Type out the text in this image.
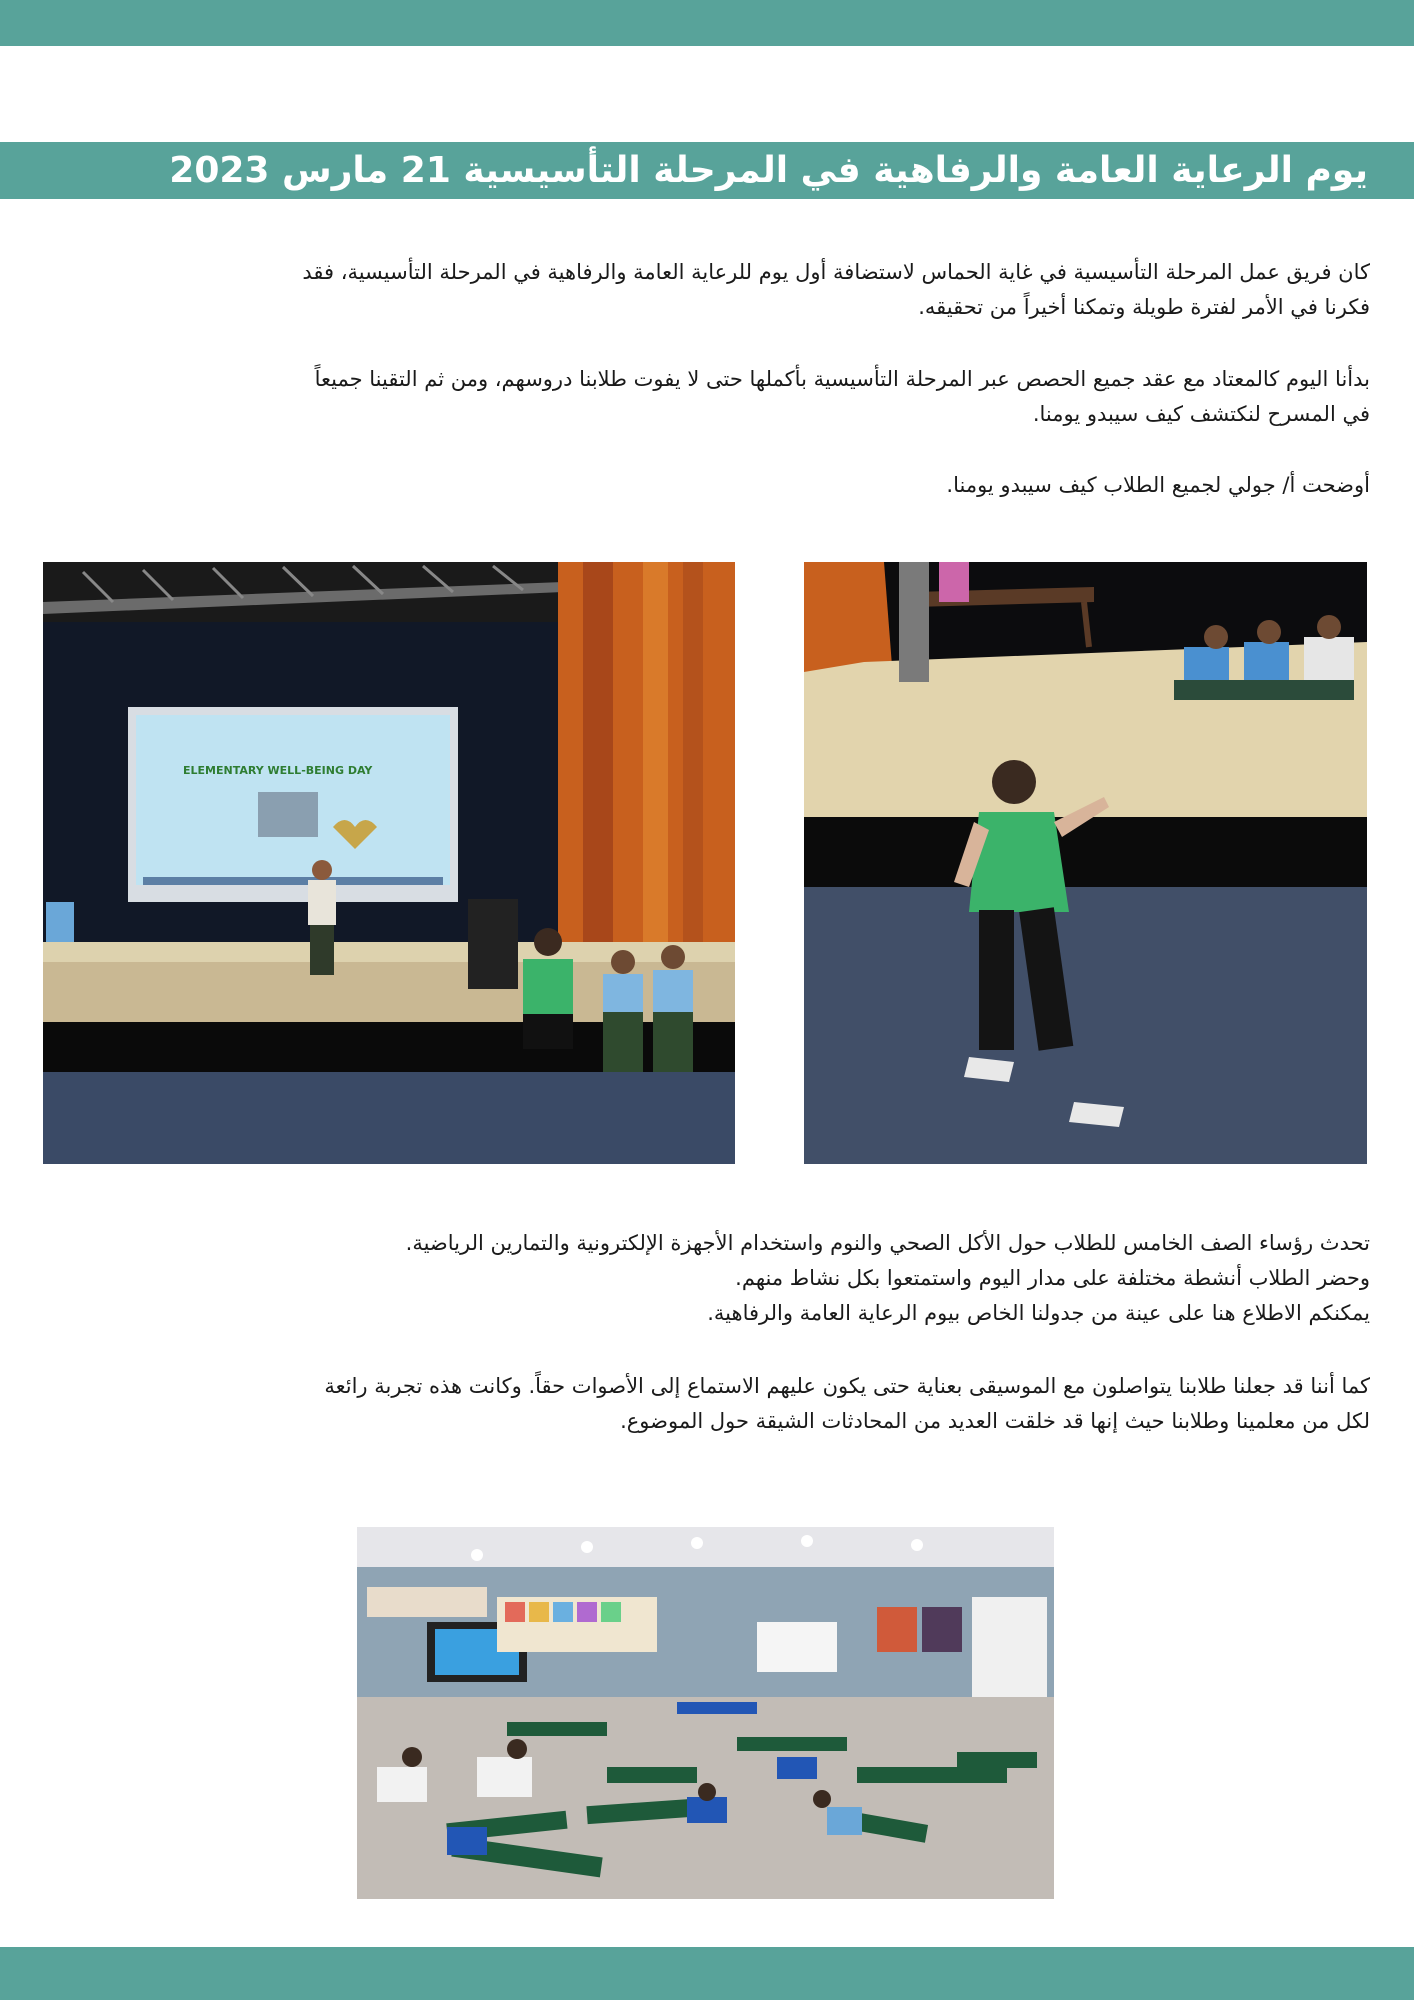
يوم الرعاية العامة والرفاهية في المرحلة التأسيسية 21 مارس 2023

كان فريق عمل المرحلة التأسيسية في غاية الحماس لاستضافة أول يوم للرعاية العامة والرفاهية في المرحلة التأسيسية، فقد
فكرنا في الأمر لفترة طويلة وتمكنا أخيراً من تحقيقه.

بدأنا اليوم كالمعتاد مع عقد جميع الحصص عبر المرحلة التأسيسية بأكملها حتى لا يفوت طلابنا دروسهم، ومن ثم التقينا جميعاً
في المسرح لنكتشف كيف سيبدو يومنا.

أوضحت أ/ جولي لجميع الطلاب كيف سيبدو يومنا.

ELEMENTARY WELL-BEING DAY

تحدث رؤساء الصف الخامس للطلاب حول الأكل الصحي والنوم واستخدام الأجهزة الإلكترونية والتمارين الرياضية.
وحضر الطلاب أنشطة مختلفة على مدار اليوم واستمتعوا بكل نشاط منهم.
يمكنكم الاطلاع هنا على عينة من جدولنا الخاص بيوم الرعاية العامة والرفاهية.

كما أننا قد جعلنا طلابنا يتواصلون مع الموسيقى بعناية حتى يكون عليهم الاستماع إلى الأصوات حقاً. وكانت هذه تجربة رائعة
لكل من معلمينا وطلابنا حيث إنها قد خلقت العديد من المحادثات الشيقة حول الموضوع.
